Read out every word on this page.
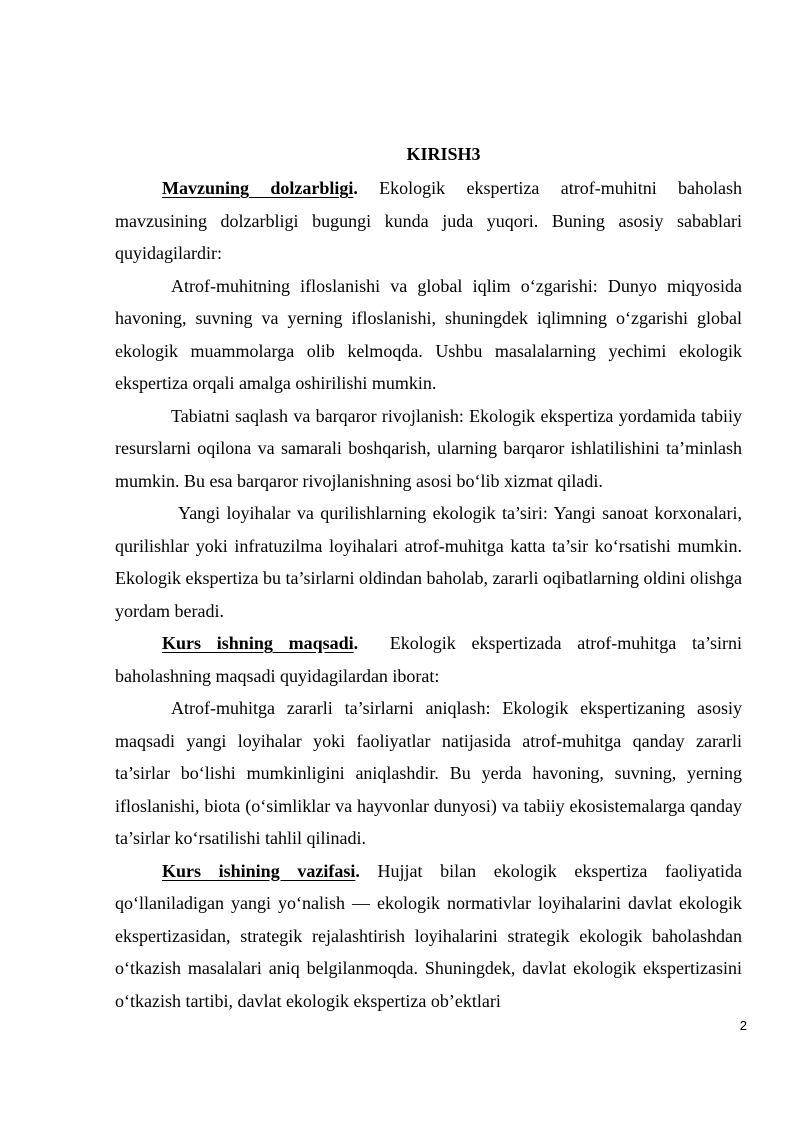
KIRISH3

Mavzuning dolzarbligi. Ekologik ekspertiza atrof-muhitni baholash mavzusining dolzarbligi bugungi kunda juda yuqori. Buning asosiy sabablari quyidagilardir:

Atrof-muhitning ifloslanishi va global iqlim o‘zgarishi: Dunyo miqyosida havoning, suvning va yerning ifloslanishi, shuningdek iqlimning o‘zgarishi global ekologik muammolarga olib kelmoqda. Ushbu masalalarning yechimi ekologik ekspertiza orqali amalga oshirilishi mumkin.

Tabiatni saqlash va barqaror rivojlanish: Ekologik ekspertiza yordamida tabiiy resurslarni oqilona va samarali boshqarish, ularning barqaror ishlatilishini ta’minlash mumkin. Bu esa barqaror rivojlanishning asosi bo‘lib xizmat qiladi.

Yangi loyihalar va qurilishlarning ekologik ta’siri: Yangi sanoat korxonalari, qurilishlar yoki infratuzilma loyihalari atrof-muhitga katta ta’sir ko‘rsatishi mumkin. Ekologik ekspertiza bu ta’sirlarni oldindan baholab, zararli oqibatlarning oldini olishga yordam beradi.

Kurs ishning maqsadi.  Ekologik ekspertizada atrof-muhitga ta’sirni baholashning maqsadi quyidagilardan iborat:

Atrof-muhitga zararli ta’sirlarni aniqlash: Ekologik ekspertizaning asosiy maqsadi yangi loyihalar yoki faoliyatlar natijasida atrof-muhitga qanday zararli ta’sirlar bo‘lishi mumkinligini aniqlashdir. Bu yerda havoning, suvning, yerning ifloslanishi, biota (o‘simliklar va hayvonlar dunyosi) va tabiiy ekosistemalarga qanday ta’sirlar ko‘rsatilishi tahlil qilinadi.

Kurs ishining vazifasi. Hujjat bilan ekologik ekspertiza faoliyatida qo‘llaniladigan yangi yo‘nalish — ekologik normativlar loyihalarini davlat ekologik ekspertizasidan, strategik rejalashtirish loyihalarini strategik ekologik baholashdan o‘tkazish masalalari aniq belgilanmoqda. Shuningdek, davlat ekologik ekspertizasini o‘tkazish tartibi, davlat ekologik ekspertiza ob’ektlari

2
